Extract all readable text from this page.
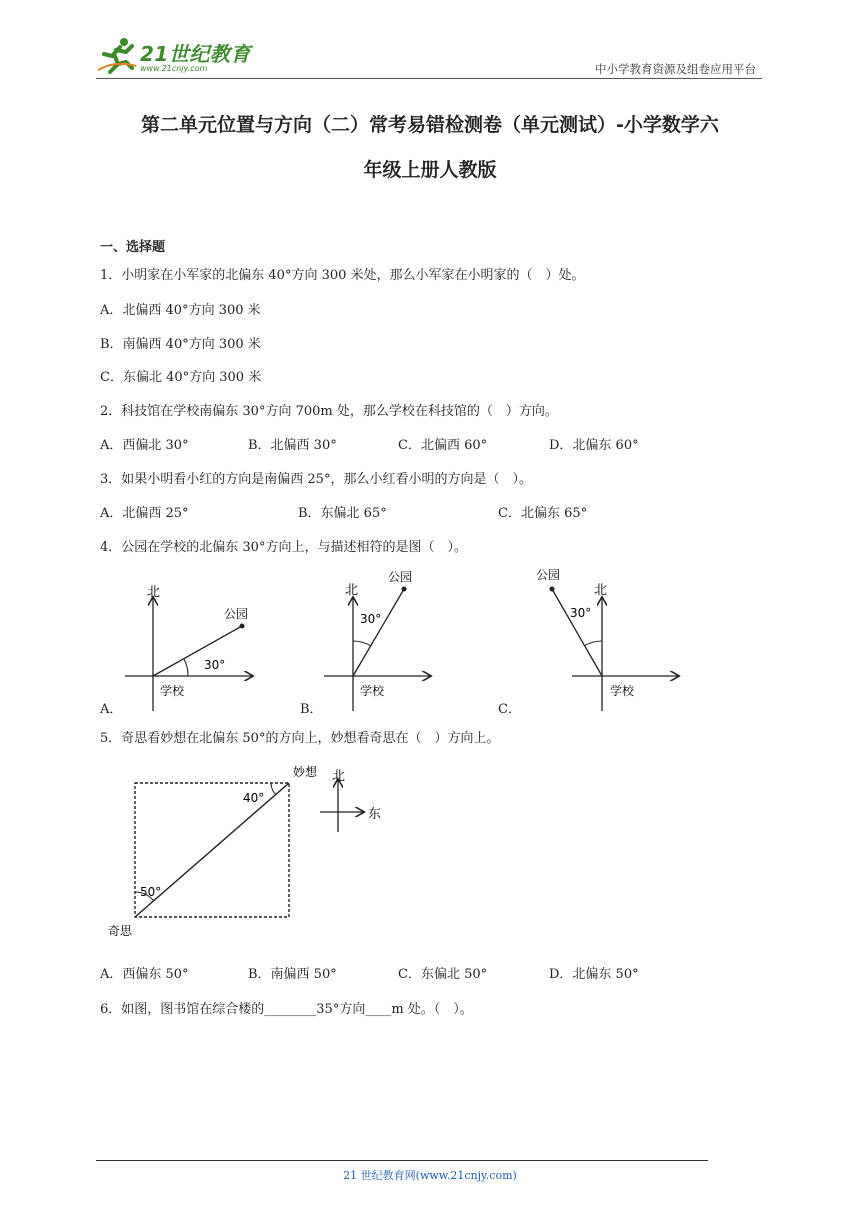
21世纪教育
www.21cnjy.com	中小学教育资源及组卷应用平台
第二单元位置与方向（二）常考易错检测卷（单元测试）-小学数学六
年级上册人教版
一、选择题
1．小明家在小军家的北偏东 40°方向 300 米处，那么小军家在小明家的（　）处。
A．北偏西 40°方向 300 米
B．南偏西 40°方向 300 米
C．东偏北 40°方向 300 米
2．科技馆在学校南偏东 30°方向 700m 处，那么学校在科技馆的（　）方向。
A．西偏北 30°	B．北偏西 30°	C．北偏西 60°	D．北偏东 60°
3．如果小明看小红的方向是南偏西 25°，那么小红看小明的方向是（　）。
A．北偏西 25°	B．东偏北 65°	C．北偏东 65°
4．公园在学校的北偏东 30°方向上，与描述相符的是图（　）。
北
公园
30°
学校
A．
北
公园
30°
学校
B．
北
公园
30°
学校
C．
5．奇思看妙想在北偏东 50°的方向上，妙想看奇思在（　）方向上。
妙想
40°
50°
奇思
北
东
A．西偏东 50°	B．南偏西 50°	C．东偏北 50°	D．北偏东 50°
6．如图，图书馆在综合楼的________35°方向____m 处。（　）。
21 世纪教育网(www.21cnjy.com)
